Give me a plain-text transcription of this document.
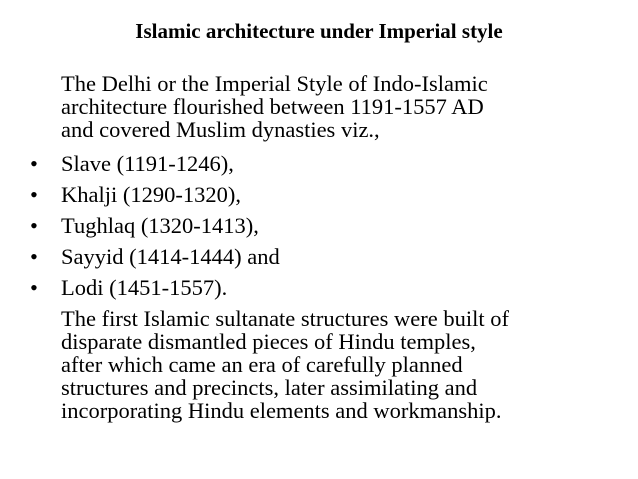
Islamic architecture under Imperial style

The Delhi or the Imperial Style of Indo-Islamic
architecture flourished between 1191-1557 AD
and covered Muslim dynasties viz.,

• Slave (1191-1246),
• Khalji (1290-1320),
• Tughlaq (1320-1413),
• Sayyid (1414-1444) and
• Lodi (1451-1557).

The first Islamic sultanate structures were built of
disparate dismantled pieces of Hindu temples,
after which came an era of carefully planned
structures and precincts, later assimilating and
incorporating Hindu elements and workmanship.
